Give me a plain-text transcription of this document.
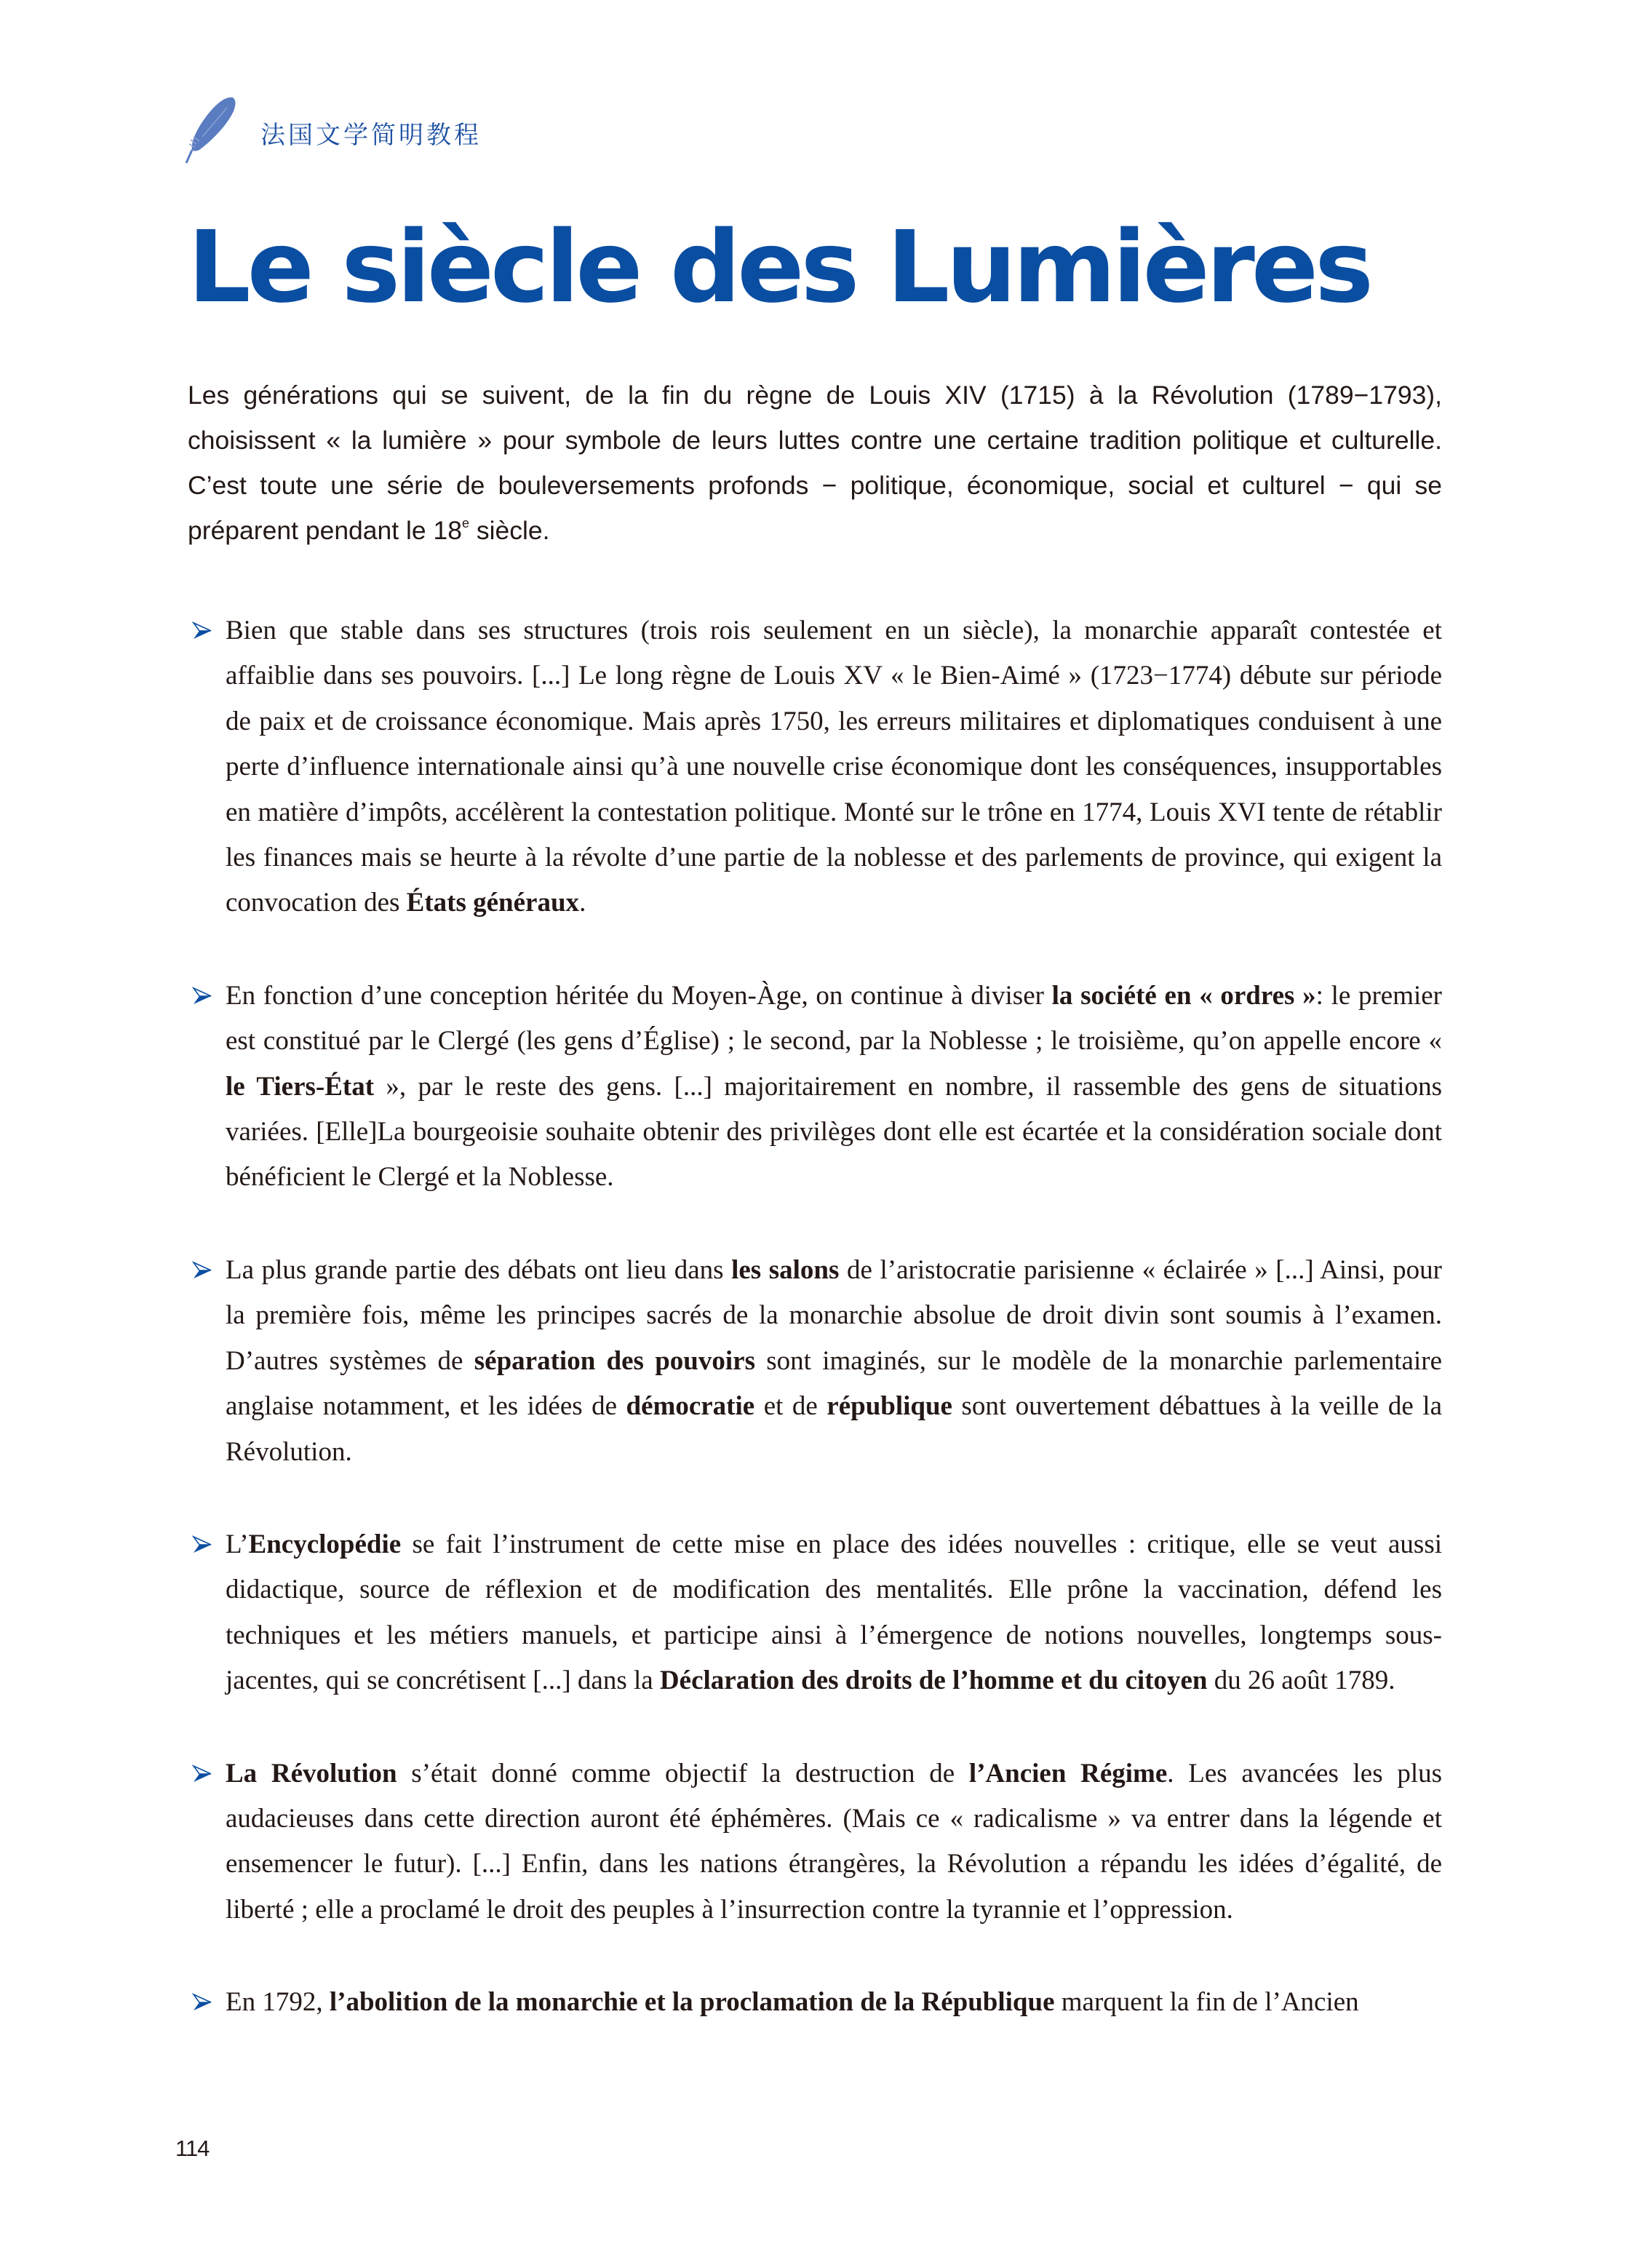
法国文学简明教程
Le siècle des Lumières

Les générations qui se suivent, de la fin du règne de Louis XIV (1715) à la Révolution (1789−1793), choisissent « la lumière » pour symbole de leurs luttes contre une certaine tradition politique et culturelle. C’est toute une série de bouleversements profonds − politique, économique, social et culturel − qui se préparent pendant le 18e siècle.

Bien que stable dans ses structures (trois rois seulement en un siècle), la monarchie apparaît contestée et affaiblie dans ses pouvoirs. [...] Le long règne de Louis XV « le Bien-Aimé » (1723−1774) débute sur période de paix et de croissance économique. Mais après 1750, les erreurs militaires et diplomatiques conduisent à une perte d’influence internationale ainsi qu’à une nouvelle crise économique dont les conséquences, insupportables en matière d’impôts, accélèrent la contestation politique. Monté sur le trône en 1774, Louis XVI tente de rétablir les finances mais se heurte à la révolte d’une partie de la noblesse et des parlements de province, qui exigent la convocation des États généraux.
En fonction d’une conception héritée du Moyen-Àge, on continue à diviser la société en « ordres »: le premier est constitué par le Clergé (les gens d’Église) ; le second, par la Noblesse ; le troisième, qu’on appelle encore « le Tiers-État », par le reste des gens. [...] majoritairement en nombre, il rassemble des gens de situations variées. [Elle]La bourgeoisie souhaite obtenir des privilèges dont elle est écartée et la considération sociale dont bénéficient le Clergé et la Noblesse.
La plus grande partie des débats ont lieu dans les salons de l’aristocratie parisienne « éclairée » [...] Ainsi, pour la première fois, même les principes sacrés de la monarchie absolue de droit divin sont soumis à l’examen. D’autres systèmes de séparation des pouvoirs sont imaginés, sur le modèle de la monarchie parlementaire anglaise notamment, et les idées de démocratie et de république sont ouvertement débattues à la veille de la Révolution.
L’Encyclopédie se fait l’instrument de cette mise en place des idées nouvelles : critique, elle se veut aussi didactique, source de réflexion et de modification des mentalités. Elle prône la vaccination, défend les techniques et les métiers manuels, et participe ainsi à l’émergence de notions nouvelles, longtemps sous-jacentes, qui se concrétisent [...] dans la Déclaration des droits de l’homme et du citoyen du 26 août 1789.
La Révolution s’était donné comme objectif la destruction de l’Ancien Régime. Les avancées les plus audacieuses dans cette direction auront été éphémères. (Mais ce « radicalisme » va entrer dans la légende et ensemencer le futur). [...] Enfin, dans les nations étrangères, la Révolution a répandu les idées d’égalité, de liberté ; elle a proclamé le droit des peuples à l’insurrection contre la tyrannie et l’oppression.
En 1792, l’abolition de la monarchie et la proclamation de la République marquent la fin de l’Ancien
114
